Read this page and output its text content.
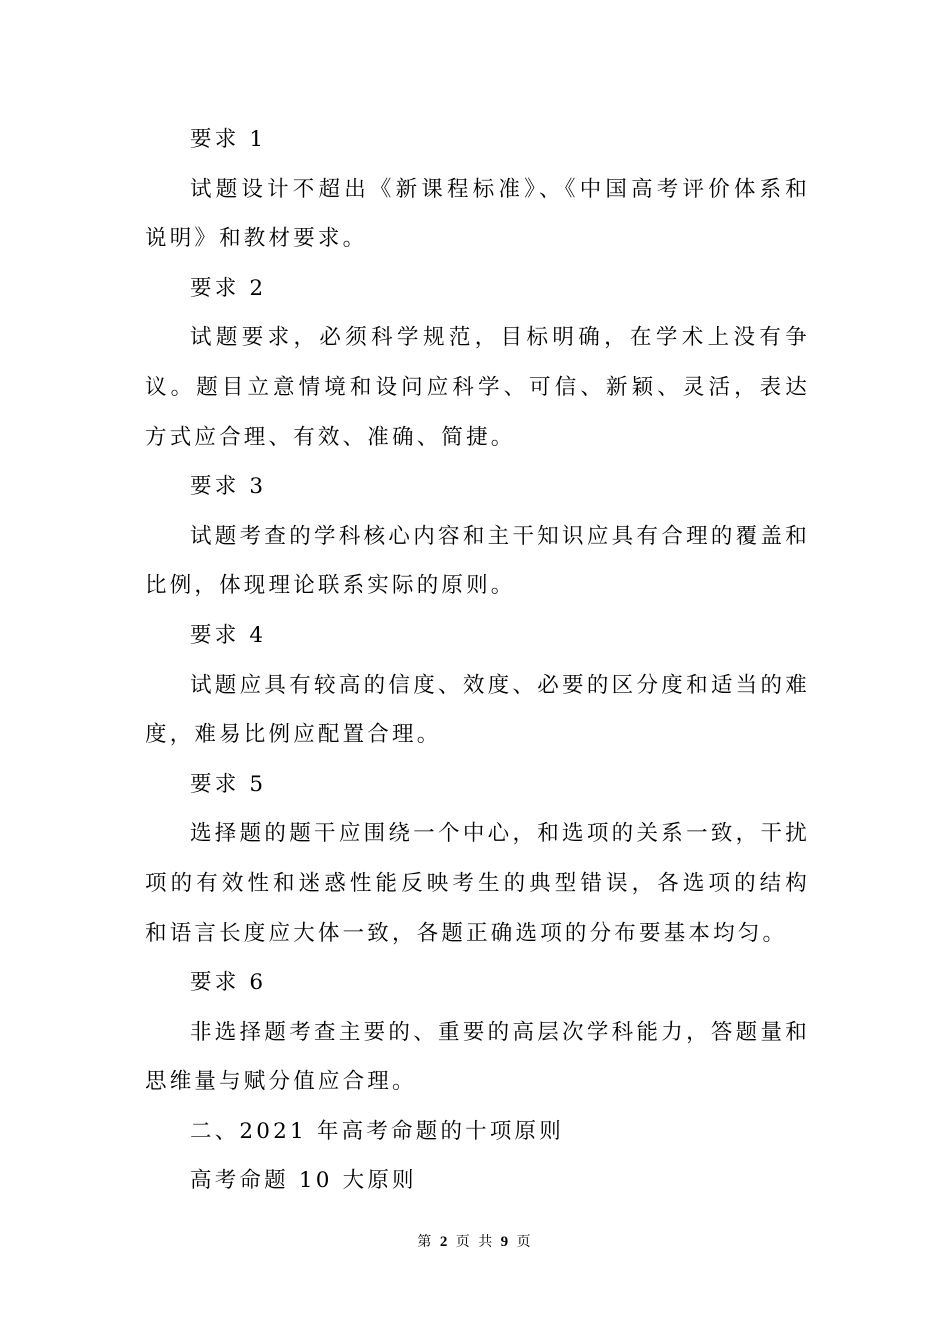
要求 1

试题设计不超出《新课程标准》、《中国高考评价体系和说明》和教材要求。

要求 2

试题要求，必须科学规范，目标明确，在学术上没有争议。题目立意情境和设问应科学、可信、新颖、灵活，表达方式应合理、有效、准确、简捷。

要求 3

试题考查的学科核心内容和主干知识应具有合理的覆盖和比例，体现理论联系实际的原则。

要求 4

试题应具有较高的信度、效度、必要的区分度和适当的难度，难易比例应配置合理。

要求 5

选择题的题干应围绕一个中心，和选项的关系一致，干扰项的有效性和迷惑性能反映考生的典型错误，各选项的结构和语言长度应大体一致，各题正确选项的分布要基本均匀。

要求 6

非选择题考查主要的、重要的高层次学科能力，答题量和思维量与赋分值应合理。

二、2021 年高考命题的十项原则

高考命题 10 大原则

第 2 页 共 9 页
